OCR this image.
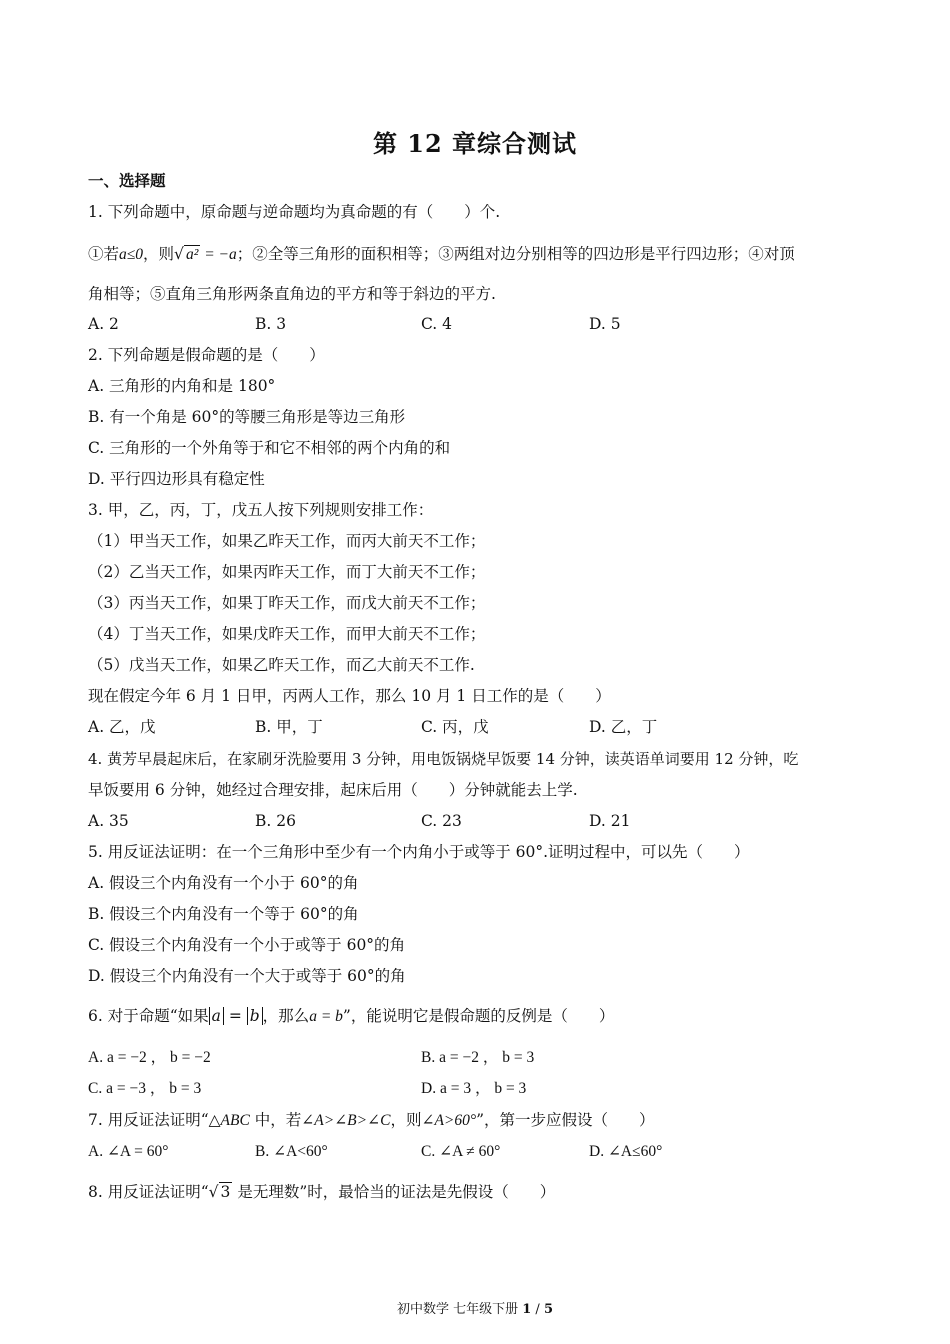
第 12 章综合测试
一、选择题
1. 下列命题中，原命题与逆命题均为真命题的有（　　）个.
①若a≤0，则√ a² = −a；②全等三角形的面积相等；③两组对边分别相等的四边形是平行四边形；④对顶
角相等；⑤直角三角形两条直角边的平方和等于斜边的平方.
A. 2	B. 3	C. 4	D. 5
2. 下列命题是假命题的是（　　）
A. 三角形的内角和是 180°
B. 有一个角是 60°的等腰三角形是等边三角形
C. 三角形的一个外角等于和它不相邻的两个内角的和
D. 平行四边形具有稳定性
3. 甲，乙，丙，丁，戊五人按下列规则安排工作：
（1）甲当天工作，如果乙昨天工作，而丙大前天不工作；
（2）乙当天工作，如果丙昨天工作，而丁大前天不工作；
（3）丙当天工作，如果丁昨天工作，而戊大前天不工作；
（4）丁当天工作，如果戊昨天工作，而甲大前天不工作；
（5）戊当天工作，如果乙昨天工作，而乙大前天不工作.
现在假定今年 6 月 1 日甲，丙两人工作，那么 10 月 1 日工作的是（　　）
A. 乙，戊	B. 甲，丁	C. 丙，戊	D. 乙，丁
4. 黄芳早晨起床后，在家刷牙洗脸要用 3 分钟，用电饭锅烧早饭要 14 分钟，读英语单词要用 12 分钟，吃
早饭要用 6 分钟，她经过合理安排，起床后用（　　）分钟就能去上学.
A. 35	B. 26	C. 23	D. 21
5. 用反证法证明：在一个三角形中至少有一个内角小于或等于 60°.证明过程中，可以先（　　）
A. 假设三个内角没有一个小于 60°的角
B. 假设三个内角没有一个等于 60°的角
C. 假设三个内角没有一个小于或等于 60°的角
D. 假设三个内角没有一个大于或等于 60°的角
6. 对于命题“如果 a = b ，那么a = b”，能说明它是假命题的反例是（　　）
A. a = −2 ， b = −2	B. a = −2 ， b = 3
C. a = −3 ， b = 3	D. a = 3 ， b = 3
7. 用反证法证明“△ABC 中，若∠A>∠B>∠C，则∠A>60°”，第一步应假设（　　）
A. ∠A = 60°	B. ∠A<60°	C. ∠A ≠ 60°	D. ∠A≤60°
8. 用反证法证明“√ 3 是无理数”时，最恰当的证法是先假设（　　）
初中数学 七年级下册 1 / 5
